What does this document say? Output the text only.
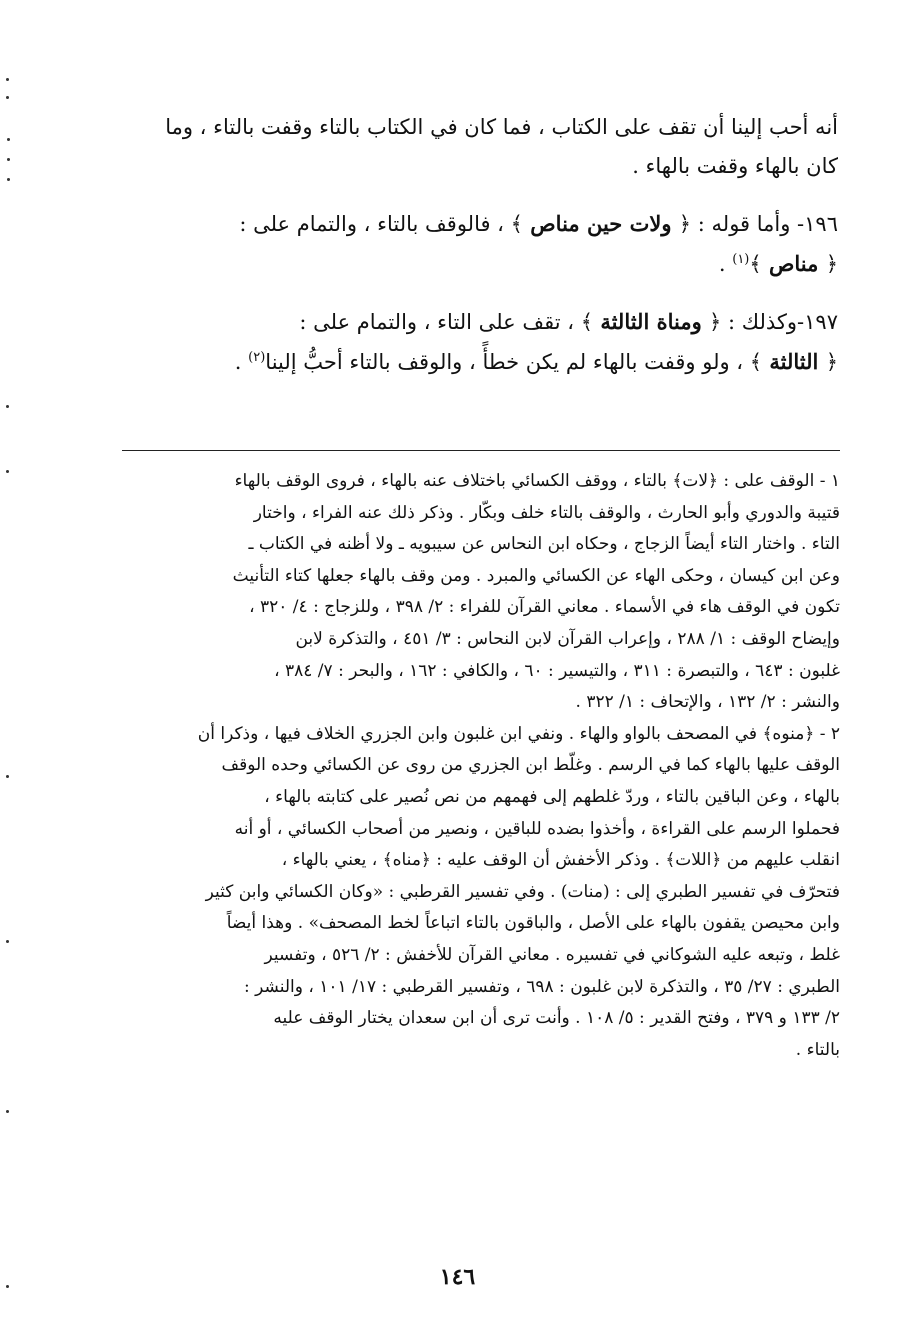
أنه أحب إلينا أن تقف على الكتاب ، فما كان في الكتاب بالتاء وقفت بالتاء ، وما
كان بالهاء وقفت بالهاء .

١٩٦- وأما قوله : ﴿ ولات حين مناص ﴾ ، فالوقف بالتاء ، والتمام على :
﴿ مناص ﴾$^{(١)}$ .

١٩٧-وكذلك : ﴿ ومناة الثالثة ﴾ ، تقف على التاء ، والتمام على :
﴿ الثالثة ﴾ ، ولو وقفت بالهاء لم يكن خطأً ، والوقف بالتاء أحبُّ إلينا$^{(٢)}$ .

١ - الوقف على : ﴿لات﴾ بالتاء ، ووقف الكسائي باختلاف عنه بالهاء ، فروى الوقف بالهاء
قتيبة والدوري وأبو الحارث ، والوقف بالتاء خلف وبكّار . وذكر ذلك عنه الفراء ، واختار
التاء . واختار التاء أيضاً الزجاج ، وحكاه ابن النحاس عن سيبويه ـ ولا أظنه في الكتاب ـ
وعن ابن كيسان ، وحكى الهاء عن الكسائي والمبرد . ومن وقف بالهاء جعلها كتاء التأنيث
تكون في الوقف هاء في الأسماء . معاني القرآن للفراء : ٢/ ٣٩٨ ، وللزجاج : ٤/ ٣٢٠ ،
وإيضاح الوقف : ١/ ٢٨٨ ، وإعراب القرآن لابن النحاس : ٣/ ٤٥١ ، والتذكرة لابن
غلبون : ٦٤٣ ، والتبصرة : ٣١١ ، والتيسير : ٦٠ ، والكافي : ١٦٢ ، والبحر : ٧/ ٣٨٤ ،
والنشر : ٢/ ١٣٢ ، والإتحاف : ١/ ٣٢٢ .

٢ - ﴿منوه﴾ في المصحف بالواو والهاء . ونفي ابن غلبون وابن الجزري الخلاف فيها ، وذكرا أن
الوقف عليها بالهاء كما في الرسم . وغلّط ابن الجزري من روى عن الكسائي وحده الوقف
بالهاء ، وعن الباقين بالتاء ، وردّ غلطهم إلى فهمهم من نص نُصير على كتابته بالهاء ،
فحملوا الرسم على القراءة ، وأخذوا بضده للباقين ، ونصير من أصحاب الكسائي ، أو أنه
انقلب عليهم من ﴿اللات﴾ . وذكر الأخفش أن الوقف عليه : ﴿مناه﴾ ، يعني بالهاء ،
فتحرّف في تفسير الطبري إلى : (منات) . وفي تفسير القرطبي : «وكان الكسائي وابن كثير
وابن محيصن يقفون بالهاء على الأصل ، والباقون بالتاء اتباعاً لخط المصحف» . وهذا أيضاً
غلط ، وتبعه عليه الشوكاني في تفسيره . معاني القرآن للأخفش : ٢/ ٥٢٦ ، وتفسير
الطبري : ٢٧/ ٣٥ ، والتذكرة لابن غلبون : ٦٩٨ ، وتفسير القرطبي : ١٧/ ١٠١ ، والنشر :
٢/ ١٣٣ و ٣٧٩ ، وفتح القدير : ٥/ ١٠٨ . وأنت ترى أن ابن سعدان يختار الوقف عليه
بالتاء .

١٤٦
